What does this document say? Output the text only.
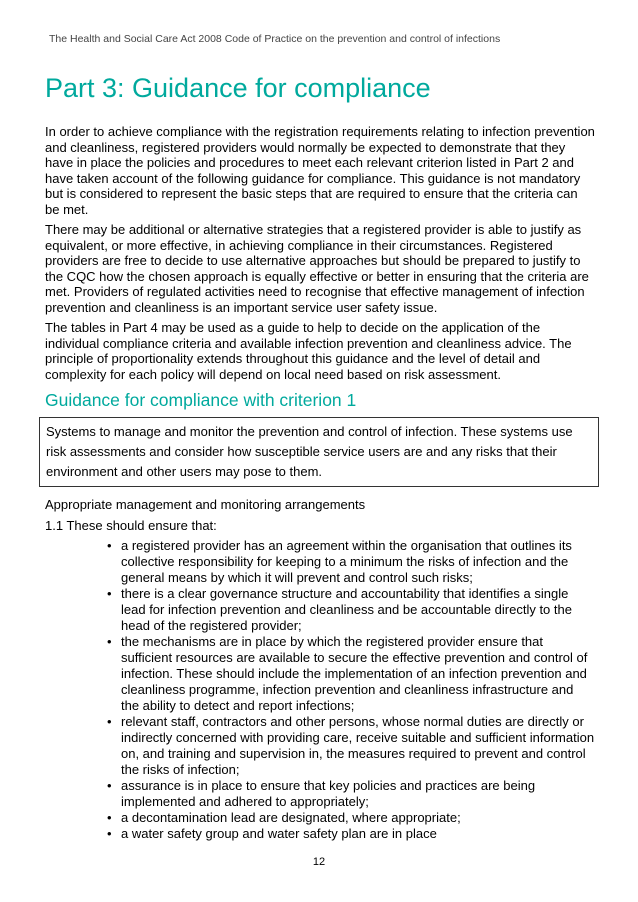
The Health and Social Care Act 2008 Code of Practice on the prevention and control of infections
Part 3: Guidance for compliance

In order to achieve compliance with the registration requirements relating to infection prevention and cleanliness, registered providers would normally be expected to demonstrate that they have in place the policies and procedures to meet each relevant criterion listed in Part 2 and have taken account of the following guidance for compliance. This guidance is not mandatory but is considered to represent the basic steps that are required to ensure that the criteria can be met.

There may be additional or alternative strategies that a registered provider is able to justify as equivalent, or more effective, in achieving compliance in their circumstances. Registered providers are free to decide to use alternative approaches but should be prepared to justify to the CQC how the chosen approach is equally effective or better in ensuring that the criteria are met. Providers of regulated activities need to recognise that effective management of infection prevention and cleanliness is an important service user safety issue.

The tables in Part 4 may be used as a guide to help to decide on the application of the individual compliance criteria and available infection prevention and cleanliness advice. The principle of proportionality extends throughout this guidance and the level of detail and complexity for each policy will depend on local need based on risk assessment.

Guidance for compliance with criterion 1
Systems to manage and monitor the prevention and control of infection. These systems use risk assessments and consider how susceptible service users are and any risks that their environment and other users may pose to them.

Appropriate management and monitoring arrangements

1.1 These should ensure that:

• a registered provider has an agreement within the organisation that outlines its collective responsibility for keeping to a minimum the risks of infection and the general means by which it will prevent and control such risks;
• there is a clear governance structure and accountability that identifies a single lead for infection prevention and cleanliness and be accountable directly to the head of the registered provider;
• the mechanisms are in place by which the registered provider ensure that sufficient resources are available to secure the effective prevention and control of infection. These should include the implementation of an infection prevention and cleanliness programme, infection prevention and cleanliness infrastructure and the ability to detect and report infections;
• relevant staff, contractors and other persons, whose normal duties are directly or indirectly concerned with providing care, receive suitable and sufficient information on, and training and supervision in, the measures required to prevent and control the risks of infection;
• assurance is in place to ensure that key policies and practices are being implemented and adhered to appropriately;
• a decontamination lead are designated, where appropriate;
• a water safety group and water safety plan are in place
12
